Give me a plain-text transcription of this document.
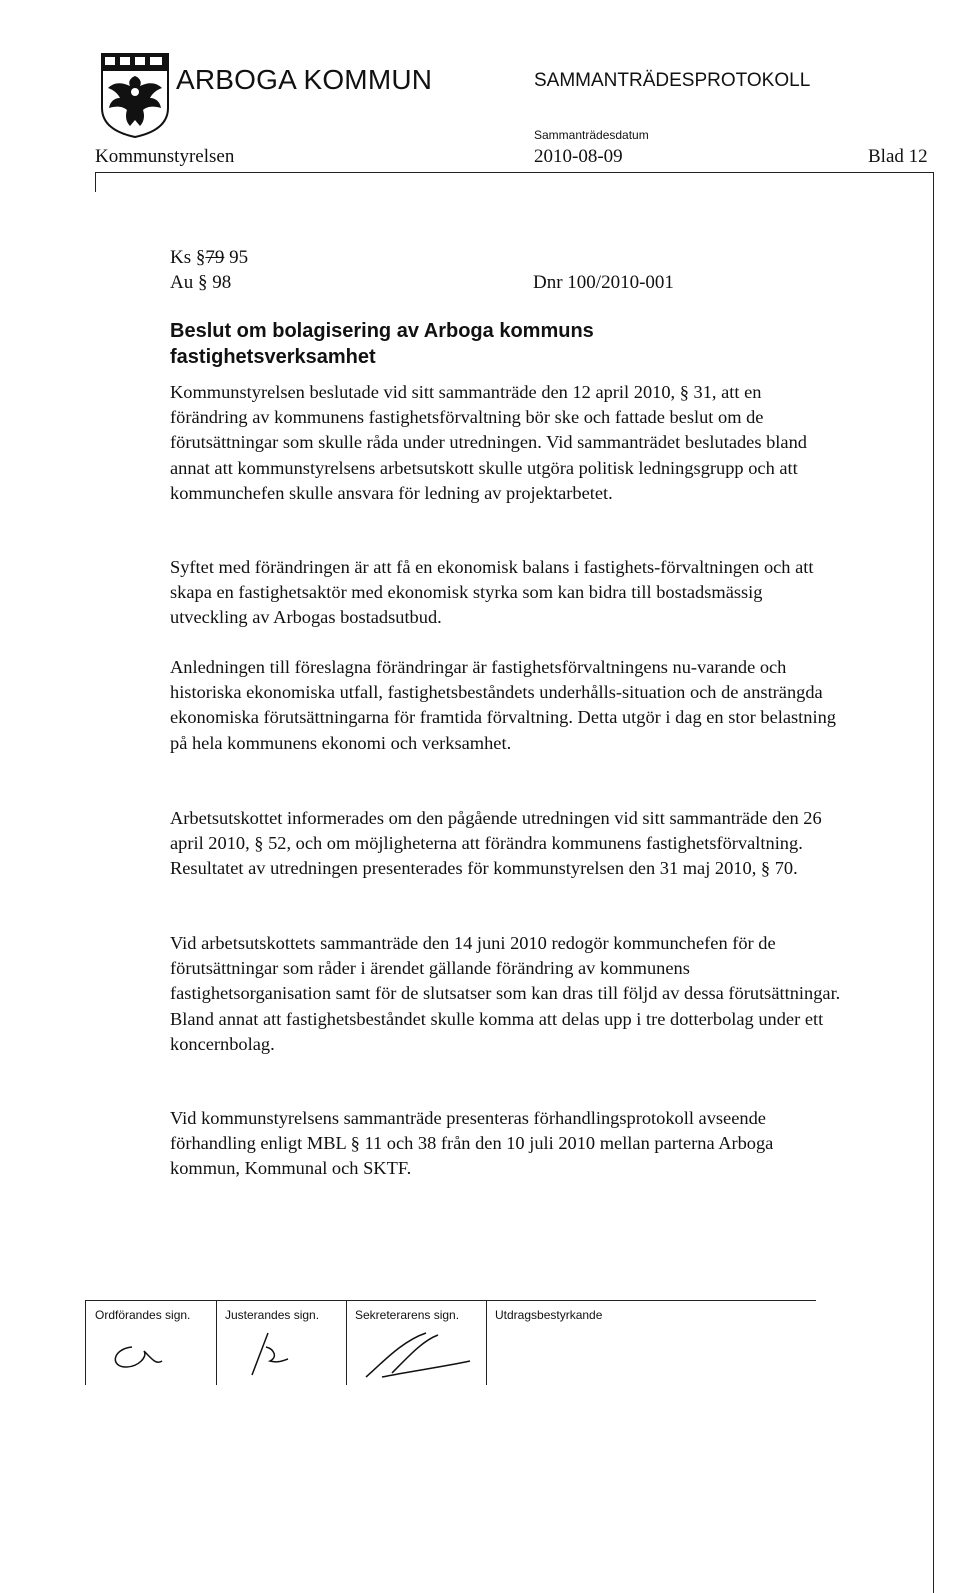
ARBOGA KOMMUN	SAMMANTRÄDESPROTOKOLL
Sammanträdesdatum
Kommunstyrelsen	2010-08-09	Blad 12
Ks §79 95
Au § 98	Dnr 100/2010-001
Beslut om bolagisering av Arboga kommuns
fastighetsverksamhet
Kommunstyrelsen beslutade vid sitt sammanträde den 12 april 2010, § 31, att en förändring av kommunens fastighetsförvaltning bör ske och fattade beslut om de förutsättningar som skulle råda under utredningen. Vid sammanträdet beslutades bland annat att kommunstyrelsens arbetsutskott skulle utgöra politisk ledningsgrupp och att kommunchefen skulle ansvara för ledning av projektarbetet.
Syftet med förändringen är att få en ekonomisk balans i fastighets-förvaltningen och att skapa en fastighetsaktör med ekonomisk styrka som kan bidra till bostadsmässig utveckling av Arbogas bostadsutbud.
Anledningen till föreslagna förändringar är fastighetsförvaltningens nu-varande och historiska ekonomiska utfall, fastighetsbeståndets underhålls-situation och de ansträngda ekonomiska förutsättningarna för framtida förvaltning. Detta utgör i dag en stor belastning på hela kommunens ekonomi och verksamhet.
Arbetsutskottet informerades om den pågående utredningen vid sitt sammanträde den 26 april 2010, § 52, och om möjligheterna att förändra kommunens fastighetsförvaltning. Resultatet av utredningen presenterades för kommunstyrelsen den 31 maj 2010, § 70.
Vid arbetsutskottets sammanträde den 14 juni 2010 redogör kommunchefen för de förutsättningar som råder i ärendet gällande förändring av kommunens fastighetsorganisation samt för de slutsatser som kan dras till följd av dessa förutsättningar. Bland annat att fastighetsbeståndet skulle komma att delas upp i tre dotterbolag under ett koncernbolag.
Vid kommunstyrelsens sammanträde presenteras förhandlingsprotokoll avseende förhandling enligt MBL § 11 och 38 från den 10 juli 2010 mellan parterna Arboga kommun, Kommunal och SKTF.
Ordförandes sign.	Justerandes sign.	Sekreterarens sign.	Utdragsbestyrkande
